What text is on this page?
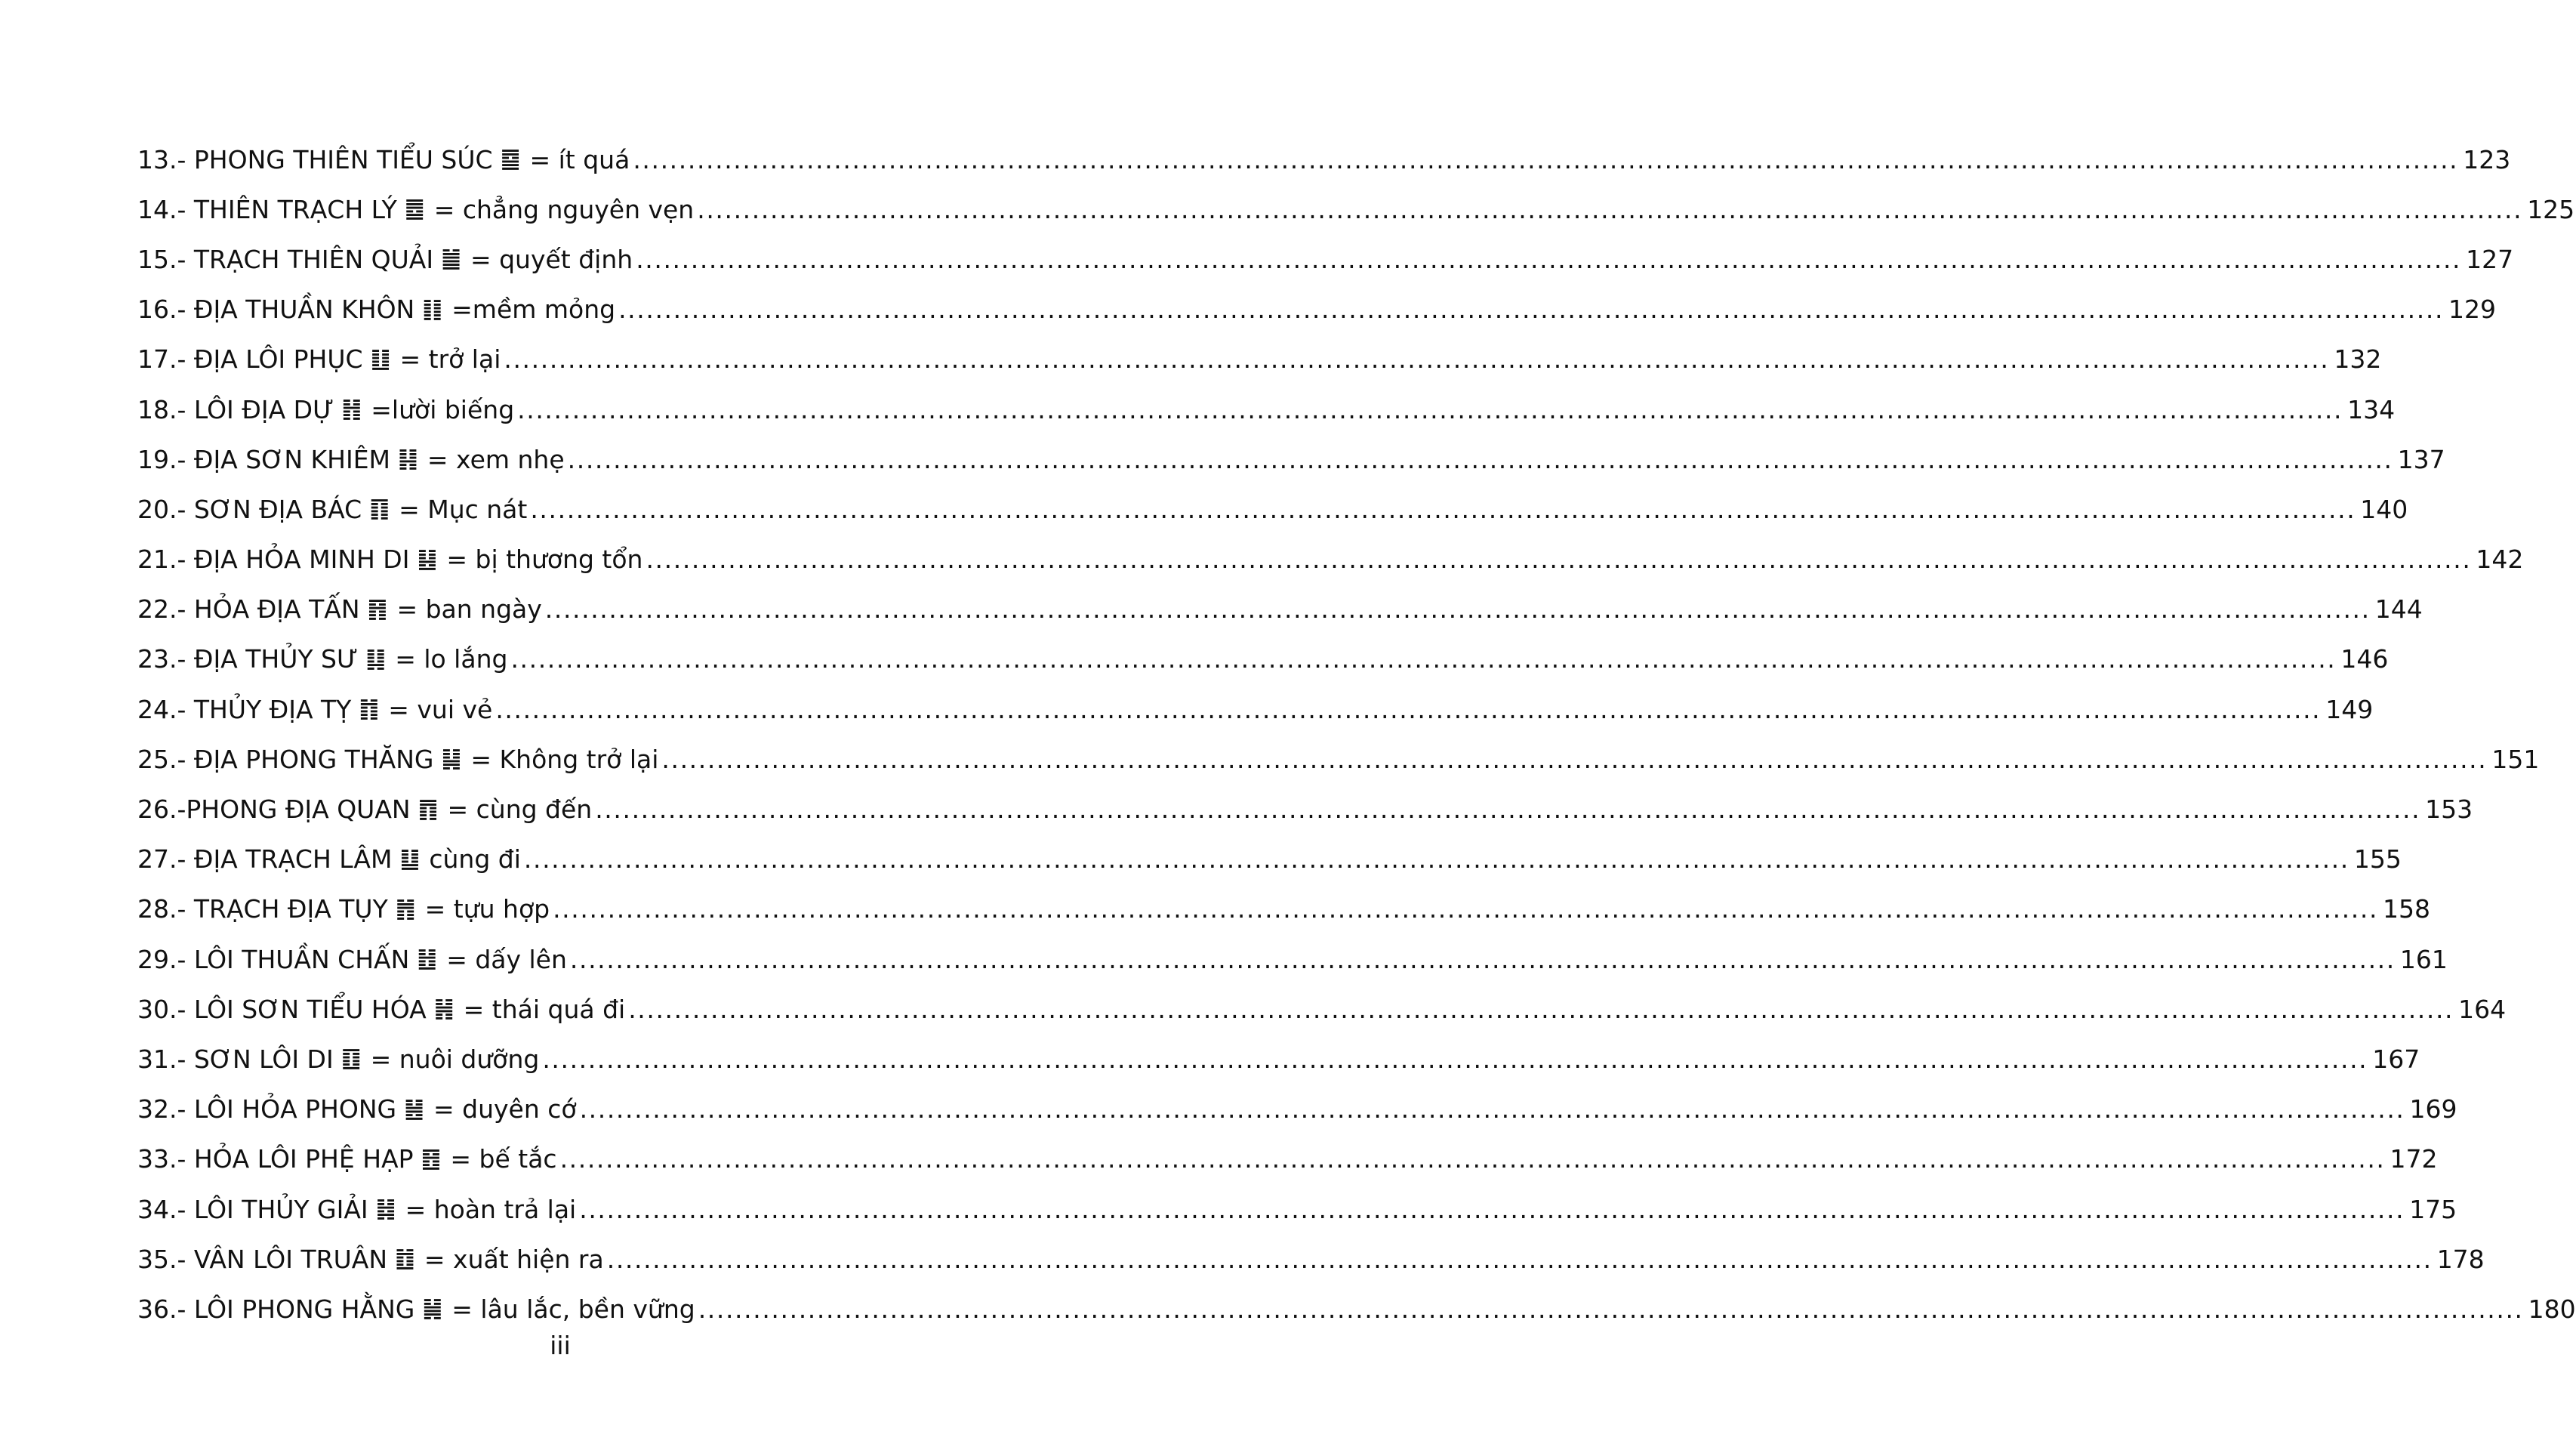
13.- PHONG THIÊN TIỂU SÚC ䷈ = ít quá ........................................................................................................................................................................................................ 123
14.- THIÊN TRẠCH LÝ ䷉ = chẳng nguyên vẹn ........................................................................................................................................................................................................ 125
15.- TRẠCH THIÊN QUẢI ䷪ = quyết định ........................................................................................................................................................................................................ 127
16.- ĐỊA THUẦN KHÔN ䷁ =mềm mỏng ........................................................................................................................................................................................................ 129
17.- ĐỊA LÔI PHỤC ䷗ = trở lại ........................................................................................................................................................................................................ 132
18.- LÔI ĐỊA DỰ ䷏ =lười biếng ........................................................................................................................................................................................................ 134
19.- ĐỊA SƠN KHIÊM ䷎ = xem nhẹ ........................................................................................................................................................................................................ 137
20.- SƠN ĐỊA BÁC ䷖ = Mục nát ........................................................................................................................................................................................................ 140
21.- ĐỊA HỎA MINH DI ䷣ = bị thương tổn ........................................................................................................................................................................................................ 142
22.- HỎA ĐỊA TẤN ䷢ = ban ngày ........................................................................................................................................................................................................ 144
23.- ĐỊA THỦY SƯ ䷆ = lo lắng ........................................................................................................................................................................................................ 146
24.- THỦY ĐỊA TỴ ䷇ = vui vẻ ........................................................................................................................................................................................................ 149
25.- ĐỊA PHONG THĂNG ䷭ = Không trở lại ........................................................................................................................................................................................................ 151
26.-PHONG ĐỊA QUAN ䷓ = cùng đến ........................................................................................................................................................................................................ 153
27.- ĐỊA TRẠCH LÂM ䷒ cùng đi ........................................................................................................................................................................................................ 155
28.- TRẠCH ĐỊA TỤY ䷬ = tựu hợp ........................................................................................................................................................................................................ 158
29.- LÔI THUẦN CHẤN ䷲ = dấy lên ........................................................................................................................................................................................................ 161
30.- LÔI SƠN TIỂU HÓA ䷽ = thái quá đi ........................................................................................................................................................................................................ 164
31.- SƠN LÔI DI ䷚ = nuôi dưỡng ........................................................................................................................................................................................................ 167
32.- LÔI HỎA PHONG ䷶ = duyên cớ ........................................................................................................................................................................................................ 169
33.- HỎA LÔI PHỆ HẠP ䷔ = bế tắc ........................................................................................................................................................................................................ 172
34.- LÔI THỦY GIẢI ䷧ = hoàn trả lại ........................................................................................................................................................................................................ 175
35.- VÂN LÔI TRUÂN ䷂ = xuất hiện ra ........................................................................................................................................................................................................ 178
36.- LÔI PHONG HẰNG ䷟ = lâu lắc, bền vững ........................................................................................................................................................................................................ 180
iii
